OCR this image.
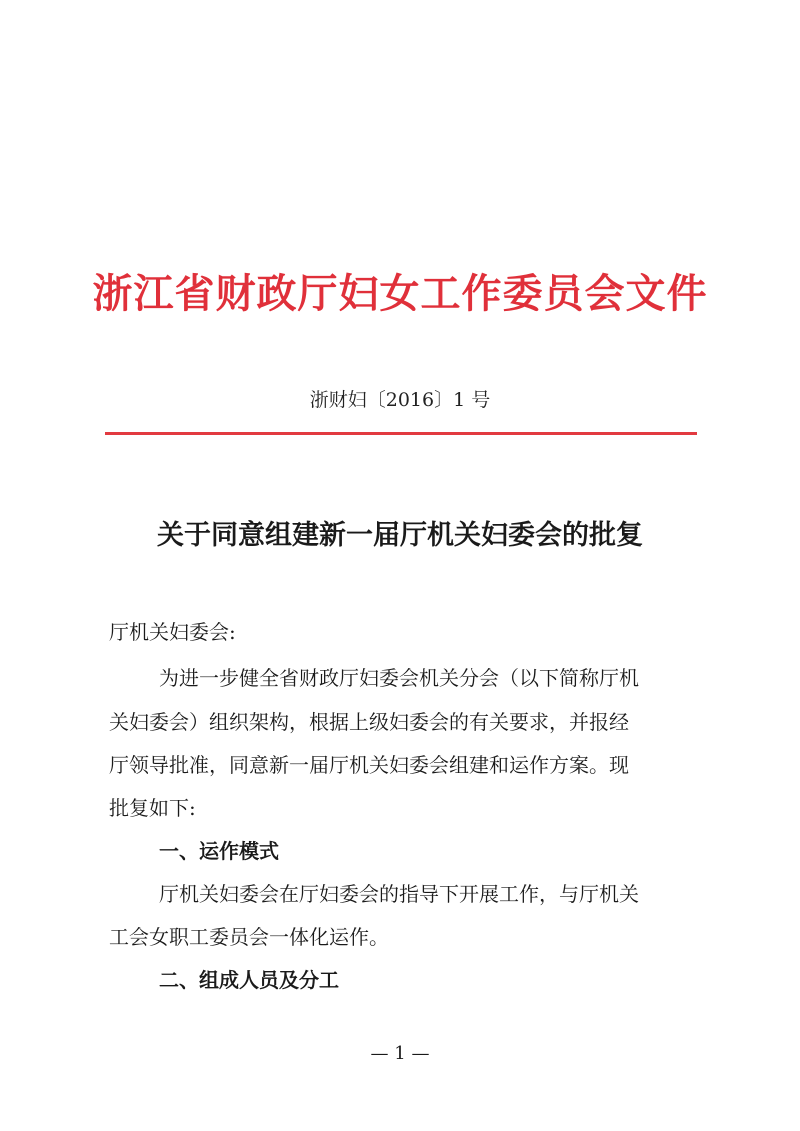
浙江省财政厅妇女工作委员会文件
浙财妇〔2016〕1 号
关于同意组建新一届厅机关妇委会的批复
厅机关妇委会:
为进一步健全省财政厅妇委会机关分会（以下简称厅机
关妇委会）组织架构，根据上级妇委会的有关要求，并报经
厅领导批准，同意新一届厅机关妇委会组建和运作方案。现
批复如下:
一、运作模式
厅机关妇委会在厅妇委会的指导下开展工作，与厅机关
工会女职工委员会一体化运作。
二、组成人员及分工
— 1 —
